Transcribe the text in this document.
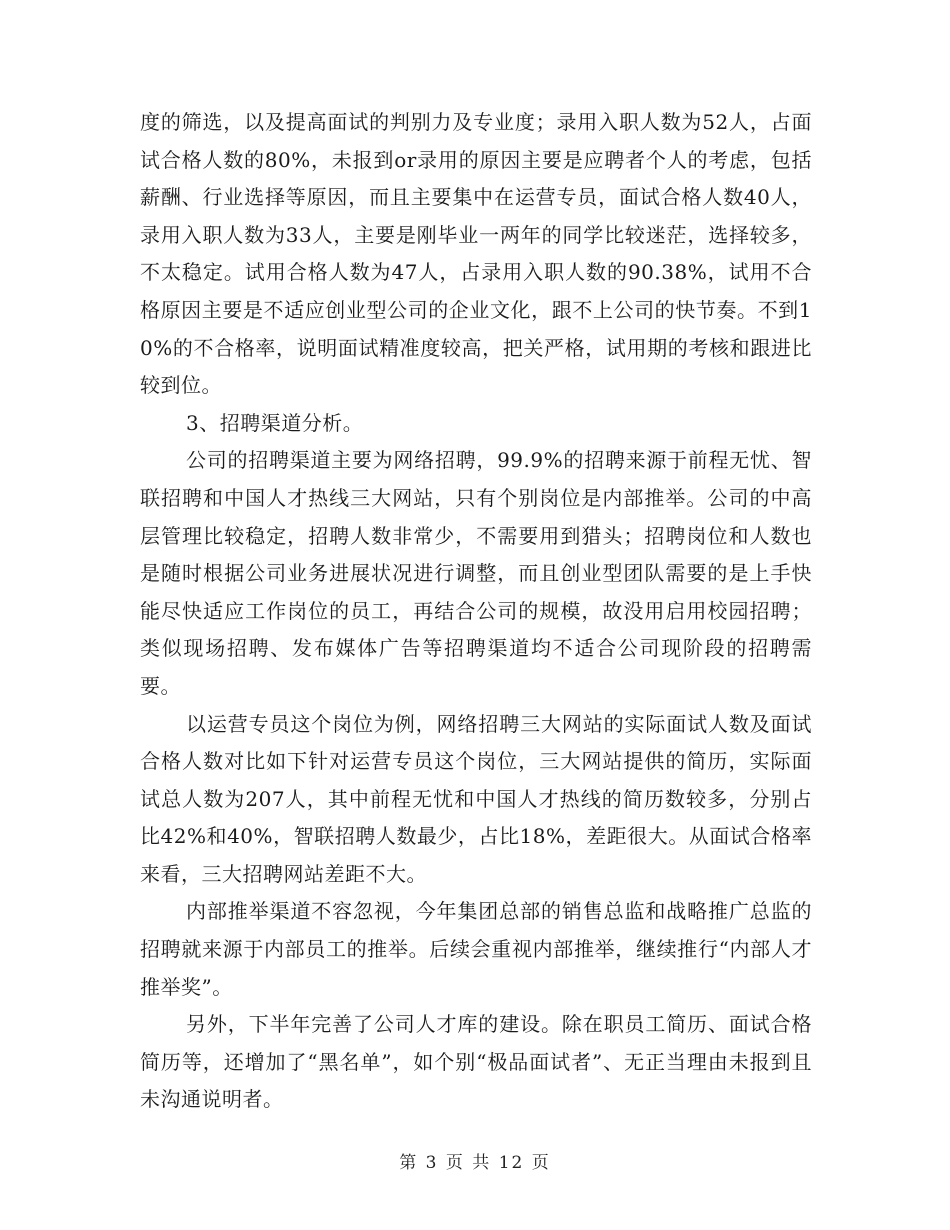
度的筛选，以及提高面试的判别力及专业度；录用入职人数为52人，占面试合格人数的80%，未报到or录用的原因主要是应聘者个人的考虑，包括薪酬、行业选择等原因，而且主要集中在运营专员，面试合格人数40人，录用入职人数为33人，主要是刚毕业一两年的同学比较迷茫，选择较多，不太稳定。试用合格人数为47人，占录用入职人数的90.38%，试用不合格原因主要是不适应创业型公司的企业文化，跟不上公司的快节奏。不到10%的不合格率，说明面试精准度较高，把关严格，试用期的考核和跟进比较到位。

3、招聘渠道分析。

公司的招聘渠道主要为网络招聘，99.9%的招聘来源于前程无忧、智联招聘和中国人才热线三大网站，只有个别岗位是内部推举。公司的中高层管理比较稳定，招聘人数非常少，不需要用到猎头；招聘岗位和人数也是随时根据公司业务进展状况进行调整，而且创业型团队需要的是上手快能尽快适应工作岗位的员工，再结合公司的规模，故没用启用校园招聘；类似现场招聘、发布媒体广告等招聘渠道均不适合公司现阶段的招聘需要。

以运营专员这个岗位为例，网络招聘三大网站的实际面试人数及面试合格人数对比如下针对运营专员这个岗位，三大网站提供的简历，实际面试总人数为207人，其中前程无忧和中国人才热线的简历数较多，分别占比42%和40%，智联招聘人数最少，占比18%，差距很大。从面试合格率来看，三大招聘网站差距不大。

内部推举渠道不容忽视，今年集团总部的销售总监和战略推广总监的招聘就来源于内部员工的推举。后续会重视内部推举，继续推行“内部人才推举奖”。

另外，下半年完善了公司人才库的建设。除在职员工简历、面试合格简历等，还增加了“黑名单”，如个别“极品面试者”、无正当理由未报到且未沟通说明者。

第 3 页 共 12 页
